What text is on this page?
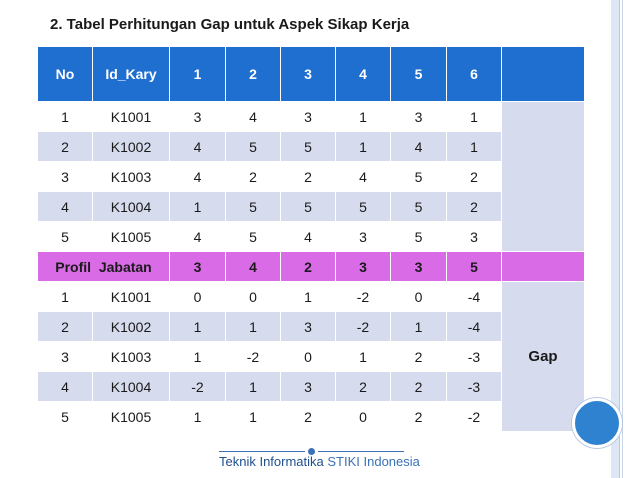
2. Tabel Perhitungan Gap untuk Aspek Sikap Kerja
No	Id_Kary	1	2	3	4	5	6	
1	K1001	3	4	3	1	3	1	
2	K1002	4	5	5	1	4	1	
3	K1003	4	2	2	4	5	2	
4	K1004	1	5	5	5	5	2	
5	K1005	4	5	4	3	5	3	
Profil  Jabatan		3	4	2	3	3	5	
1	K1001	0	0	1	-2	0	-4	Gap
2	K1002	1	1	3	-2	1	-4	
3	K1003	1	-2	0	1	2	-3	
4	K1004	-2	1	3	2	2	-3	
5	K1005	1	1	2	0	2	-2	
Teknik Informatika STIKI Indonesia
